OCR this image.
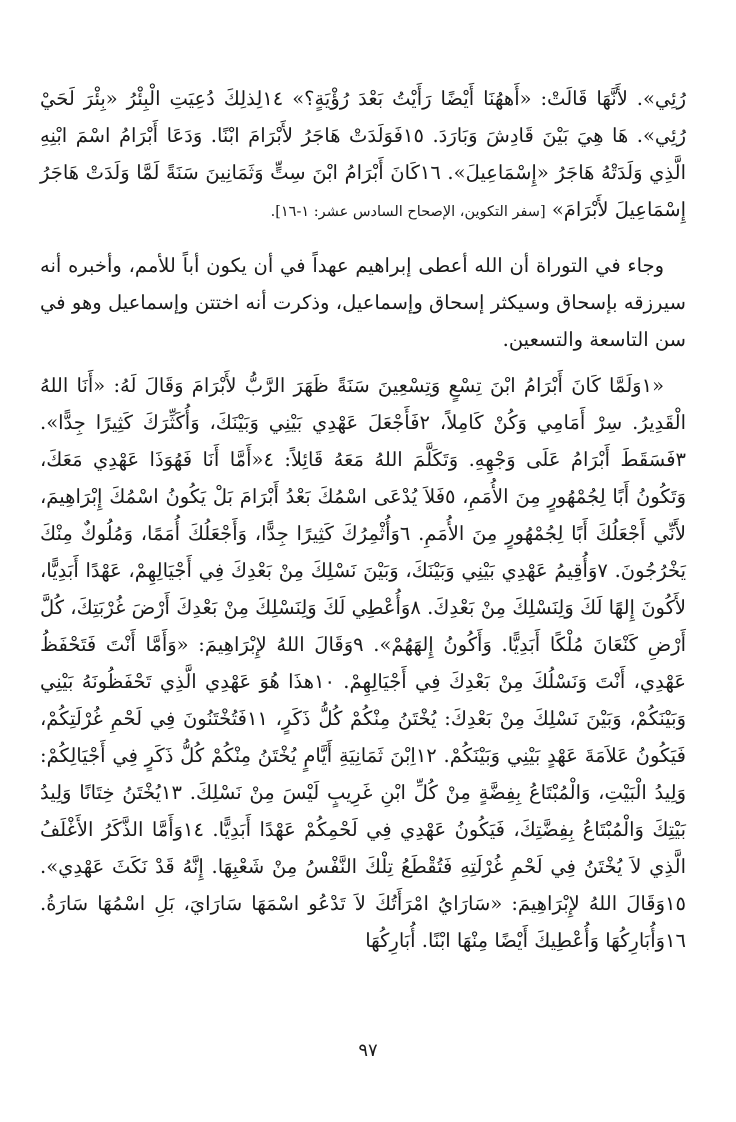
رُئِي». لأَنَّهَا قَالَتْ: «أَههُنَا أَيْضًا رَأَيْتُ بَعْدَ رُؤْيَةٍ؟» ١٤لِذلِكَ دُعِيَتِ الْبِئْرُ «بِئْرَ لَحَيْ رُئِي». هَا هِيَ بَيْنَ قَادِشَ وَبَارَدَ. ١٥فَوَلَدَتْ هَاجَرُ لأَبْرَامَ ابْنًا. وَدَعَا أَبْرَامُ اسْمَ ابْنِهِ الَّذِي وَلَدَتْهُ هَاجَرُ «إِسْمَاعِيلَ». ١٦كَانَ أَبْرَامُ ابْنَ سِتٍّ وَثَمَانِينَ سَنَةً لَمَّا وَلَدَتْ هَاجَرُ إِسْمَاعِيلَ لأَبْرَامَ» [سفر التكوين، الإصحاح السادس عشر: ١-١٦].

وجاء في التوراة أن الله أعطى إبراهيم عهداً في أن يكون أباً للأمم، وأخبره أنه سيرزقه بإسحاق وسيكثر إسحاق وإسماعيل، وذكرت أنه اختتن وإسماعيل وهو في سن التاسعة والتسعين.

«١وَلَمَّا كَانَ أَبْرَامُ ابْنَ تِسْعٍ وَتِسْعِينَ سَنَةً ظَهَرَ الرَّبُّ لأَبْرَامَ وَقَالَ لَهُ: «أَنَا اللهُ الْقَدِيرُ. سِرْ أَمَامِي وَكُنْ كَامِلاً، ٢فَأَجْعَلَ عَهْدِي بَيْنِي وَبَيْنَكَ، وَأُكَثِّرَكَ كَثِيرًا جِدًّا». ٣فَسَقَطَ أَبْرَامُ عَلَى وَجْهِهِ. وَتَكَلَّمَ اللهُ مَعَهُ قَائِلاً: ٤«أَمَّا أَنَا فَهُوَذَا عَهْدِي مَعَكَ، وَتَكُونُ أَبًا لِجُمْهُورٍ مِنَ الأُمَمِ، ٥فَلاَ يُدْعَى اسْمُكَ بَعْدُ أَبْرَامَ بَلْ يَكُونُ اسْمُكَ إِبْرَاهِيمَ، لأَنِّي أَجْعَلُكَ أَبًا لِجُمْهُورٍ مِنَ الأُمَمِ. ٦وَأُثْمِرُكَ كَثِيرًا جِدًّا، وَأَجْعَلُكَ أُمَمًا، وَمُلُوكٌ مِنْكَ يَخْرُجُونَ. ٧وَأُقِيمُ عَهْدِي بَيْنِي وَبَيْنَكَ، وَبَيْنَ نَسْلِكَ مِنْ بَعْدِكَ فِي أَجْيَالِهِمْ، عَهْدًا أَبَدِيًّا، لأَكُونَ إِلهًا لَكَ وَلِنَسْلِكَ مِنْ بَعْدِكَ. ٨وَأُعْطِي لَكَ وَلِنَسْلِكَ مِنْ بَعْدِكَ أَرْضَ غُرْبَتِكَ، كُلَّ أَرْضِ كَنْعَانَ مُلْكًا أَبَدِيًّا. وَأَكُونُ إِلهَهُمْ». ٩وَقَالَ اللهُ لإِبْرَاهِيمَ: «وَأَمَّا أَنْتَ فَتَحْفَظُ عَهْدِي، أَنْتَ وَنَسْلُكَ مِنْ بَعْدِكَ فِي أَجْيَالِهِمْ. ١٠هذَا هُوَ عَهْدِي الَّذِي تَحْفَظُونَهُ بَيْنِي وَبَيْنَكُمْ، وَبَيْنَ نَسْلِكَ مِنْ بَعْدِكَ: يُخْتَنُ مِنْكُمْ كُلُّ ذَكَرٍ، ١١فَتُخْتَنُونَ فِي لَحْمِ غُرْلَتِكُمْ، فَيَكُونُ عَلاَمَةَ عَهْدٍ بَيْنِي وَبَيْنَكُمْ. ١٢اِبْنَ ثَمَانِيَةِ أَيَّامٍ يُخْتَنُ مِنْكُمْ كُلُّ ذَكَرٍ فِي أَجْيَالِكُمْ: وَلِيدُ الْبَيْتِ، وَالْمُبْتَاعُ بِفِضَّةٍ مِنْ كُلِّ ابْنِ غَرِيبٍ لَيْسَ مِنْ نَسْلِكَ. ١٣يُخْتَنُ خِتَانًا وَلِيدُ بَيْتِكَ وَالْمُبْتَاعُ بِفِضَّتِكَ، فَيَكُونُ عَهْدِي فِي لَحْمِكُمْ عَهْدًا أَبَدِيًّا. ١٤وَأَمَّا الذَّكَرُ الأَغْلَفُ الَّذِي لاَ يُخْتَنُ فِي لَحْمِ غُرْلَتِهِ فَتُقْطَعُ تِلْكَ النَّفْسُ مِنْ شَعْبِهَا. إِنَّهُ قَدْ نَكَثَ عَهْدِي». ١٥وَقَالَ اللهُ لإِبْرَاهِيمَ: «سَارَايُ امْرَأَتُكَ لاَ تَدْعُو اسْمَهَا سَارَايَ، بَلِ اسْمُهَا سَارَةُ. ١٦وَأُبَارِكُهَا وَأُعْطِيكَ أَيْضًا مِنْهَا ابْنًا. أُبَارِكُهَا

٩٧
